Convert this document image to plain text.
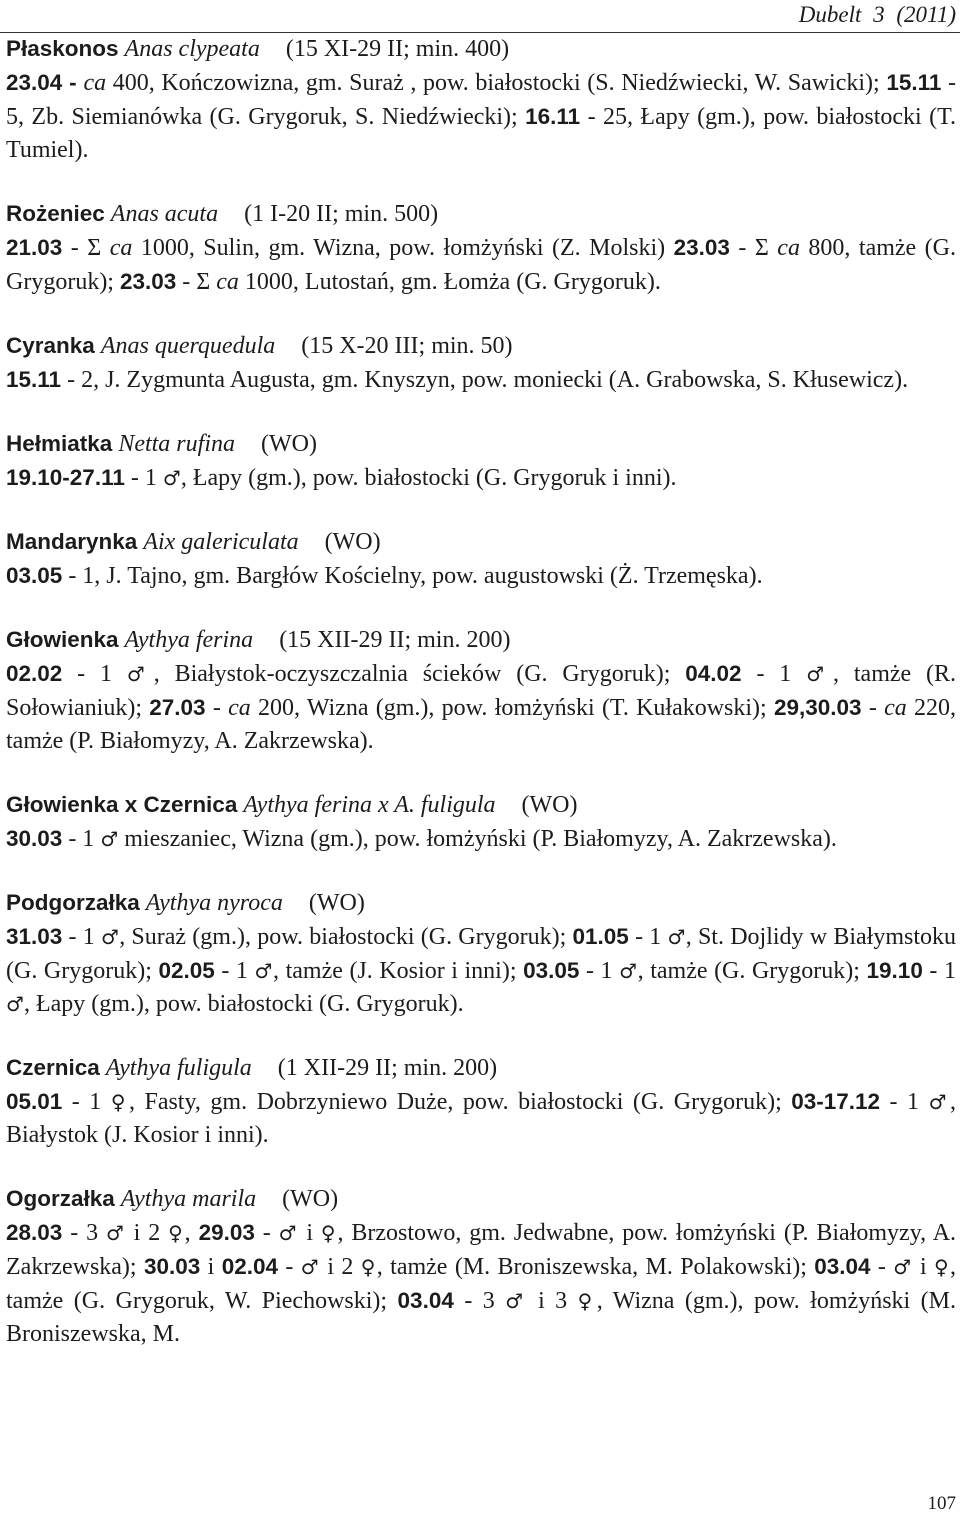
Dubelt 3 (2011)
Płaskonos Anas clypeata (15 XI-29 II; min. 400)
23.04 - ca 400, Kończowizna, gm. Suraż , pow. białostocki (S. Niedźwiecki, W. Sawicki); 15.11 - 5, Zb. Siemianówka (G. Grygoruk, S. Niedźwiecki); 16.11 - 25, Łapy (gm.), pow. białostocki (T. Tumiel).
Rożeniec Anas acuta (1 I-20 II; min. 500)
21.03 - Σ ca 1000, Sulin, gm. Wizna, pow. łomżyński (Z. Molski) 23.03 - Σ ca 800, tamże (G. Grygoruk); 23.03 - Σ ca 1000, Lutostań, gm. Łomża (G. Grygoruk).
Cyranka Anas querquedula (15 X-20 III; min. 50)
15.11 - 2, J. Zygmunta Augusta, gm. Knyszyn, pow. moniecki (A. Grabowska, S. Kłusewicz).
Hełmiatka Netta rufina (WO)
19.10-27.11 - 1 ♂, Łapy (gm.), pow. białostocki (G. Grygoruk i inni).
Mandarynka Aix galericulata (WO)
03.05 - 1, J. Tajno, gm. Bargłów Kościelny, pow. augustowski (Ż. Trzemęska).
Głowienka Aythya ferina (15 XII-29 II; min. 200)
02.02 - 1 ♂, Białystok-oczyszczalnia ścieków (G. Grygoruk); 04.02 - 1 ♂, tamże (R. Sołowianiuk); 27.03 - ca 200, Wizna (gm.), pow. łomżyński (T. Kułakowski); 29,30.03 - ca 220, tamże (P. Białomyzy, A. Zakrzewska).
Głowienka x Czernica Aythya ferina x A. fuligula (WO)
30.03 - 1 ♂ mieszaniec, Wizna (gm.), pow. łomżyński (P. Białomyzy, A. Zakrzewska).
Podgorzałka Aythya nyroca (WO)
31.03 - 1 ♂, Suraż (gm.), pow. białostocki (G. Grygoruk); 01.05 - 1 ♂, St. Dojlidy w Białymstoku (G. Grygoruk); 02.05 - 1 ♂, tamże (J. Kosior i inni); 03.05 - 1 ♂, tamże (G. Grygoruk); 19.10 - 1 ♂, Łapy (gm.), pow. białostocki (G. Grygoruk).
Czernica Aythya fuligula (1 XII-29 II; min. 200)
05.01 - 1 ♀, Fasty, gm. Dobrzyniewo Duże, pow. białostocki (G. Grygoruk); 03-17.12 - 1 ♂, Białystok (J. Kosior i inni).
Ogorzałka Aythya marila (WO)
28.03 - 3 ♂ i 2 ♀, 29.03 - ♂ i ♀, Brzostowo, gm. Jedwabne, pow. łomżyński (P. Białomyzy, A. Zakrzewska); 30.03 i 02.04 - ♂ i 2 ♀, tamże (M. Broniszewska, M. Polakowski); 03.04 - ♂ i ♀, tamże (G. Grygoruk, W. Piechowski); 03.04 - 3 ♂ i 3 ♀, Wizna (gm.), pow. łomżyński (M. Broniszewska, M.
107
